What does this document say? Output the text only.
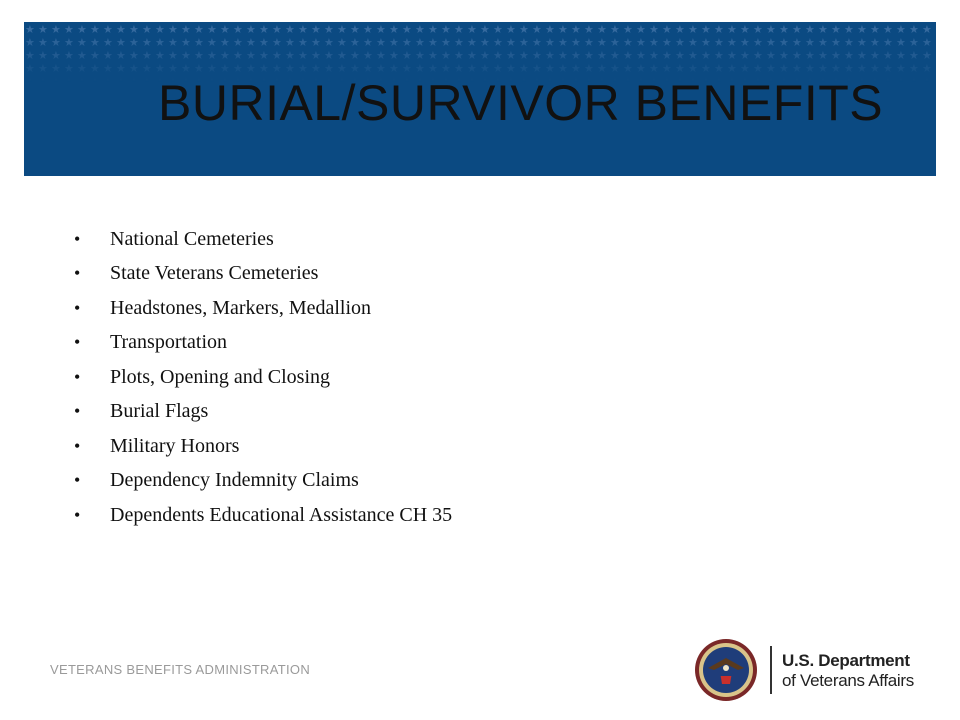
BURIAL/SURVIVOR BENEFITS
•	National Cemeteries
•	State Veterans Cemeteries
•	Headstones, Markers, Medallion
•	Transportation
•	Plots, Opening and Closing
•	Burial Flags
•	Military Honors
•	Dependency Indemnity Claims
•	Dependents Educational Assistance CH 35
VETERANS BENEFITS ADMINISTRATION	U.S. Department
of Veterans Affairs
